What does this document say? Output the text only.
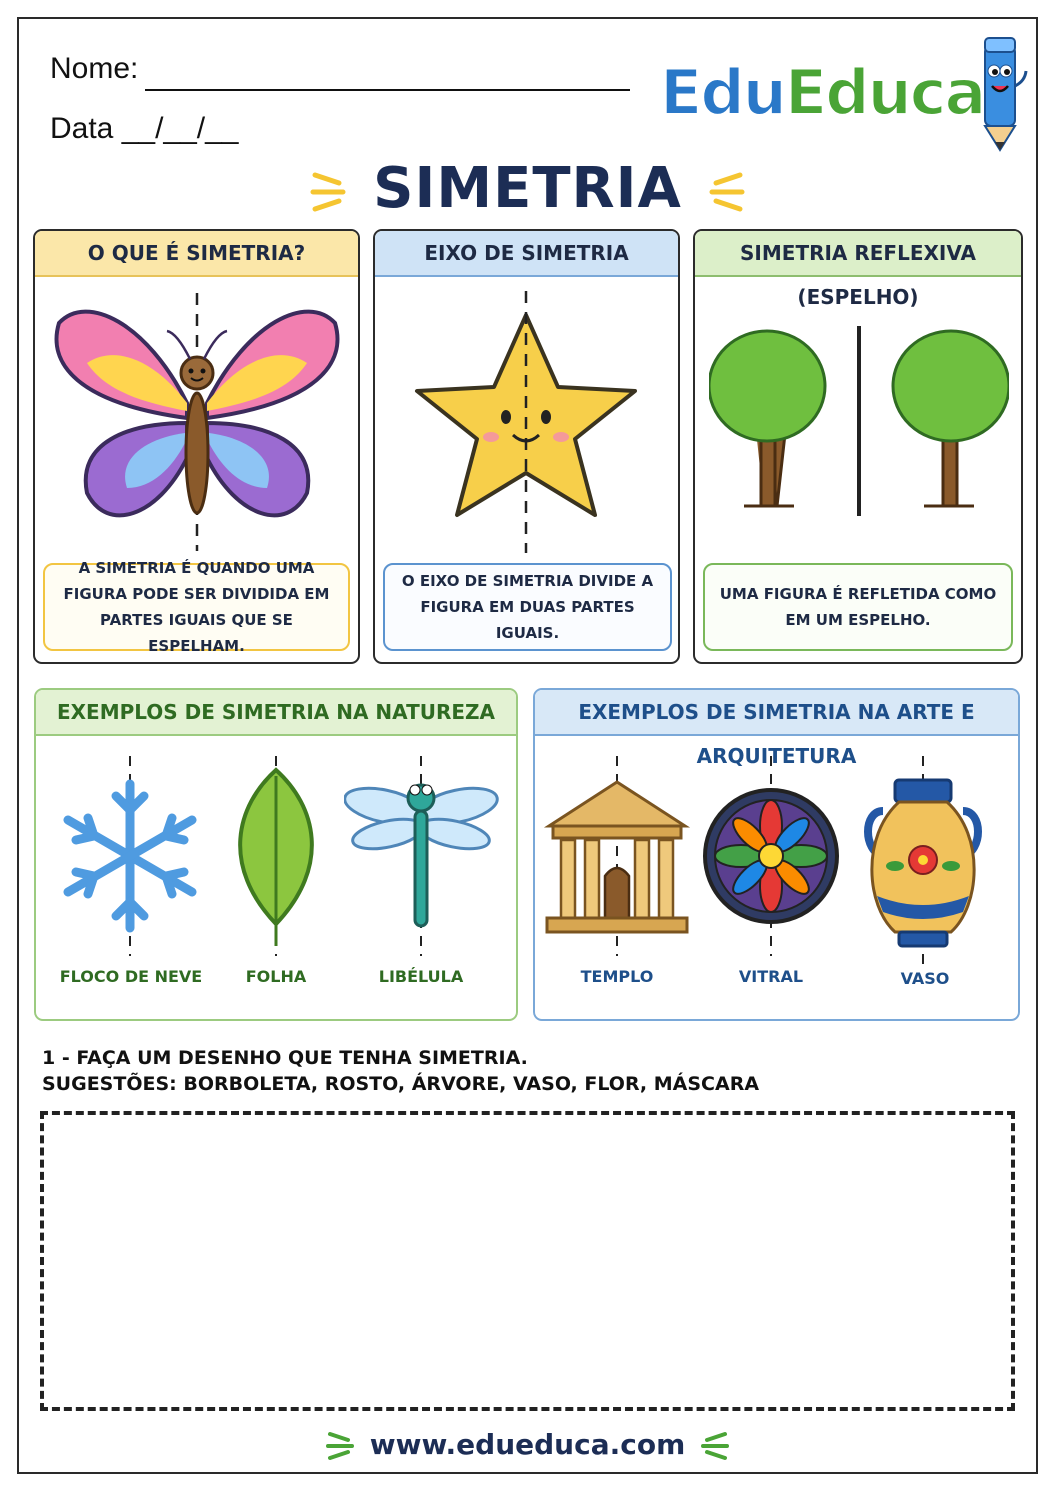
Nome:
Data __/__/__	EduEduca
SIMETRIA
O QUE É SIMETRIA?
A SIMETRIA É QUANDO UMA FIGURA PODE SER DIVIDIDA EM PARTES IGUAIS QUE SE ESPELHAM.
EIXO DE SIMETRIA
O EIXO DE SIMETRIA DIVIDE A FIGURA EM DUAS PARTES IGUAIS.
SIMETRIA REFLEXIVA (ESPELHO)
UMA FIGURA É REFLETIDA COMO EM UM ESPELHO.
EXEMPLOS DE SIMETRIA NA NATUREZA
FLOCO DE NEVE	FOLHA	LIBÉLULA
EXEMPLOS DE SIMETRIA NA ARTE E ARQUITETURA
TEMPLO	VITRAL	VASO
1 - FAÇA UM DESENHO QUE TENHA SIMETRIA.
SUGESTÕES: BORBOLETA, ROSTO, ÁRVORE, VASO, FLOR, MÁSCARA
www.edueduca.com
